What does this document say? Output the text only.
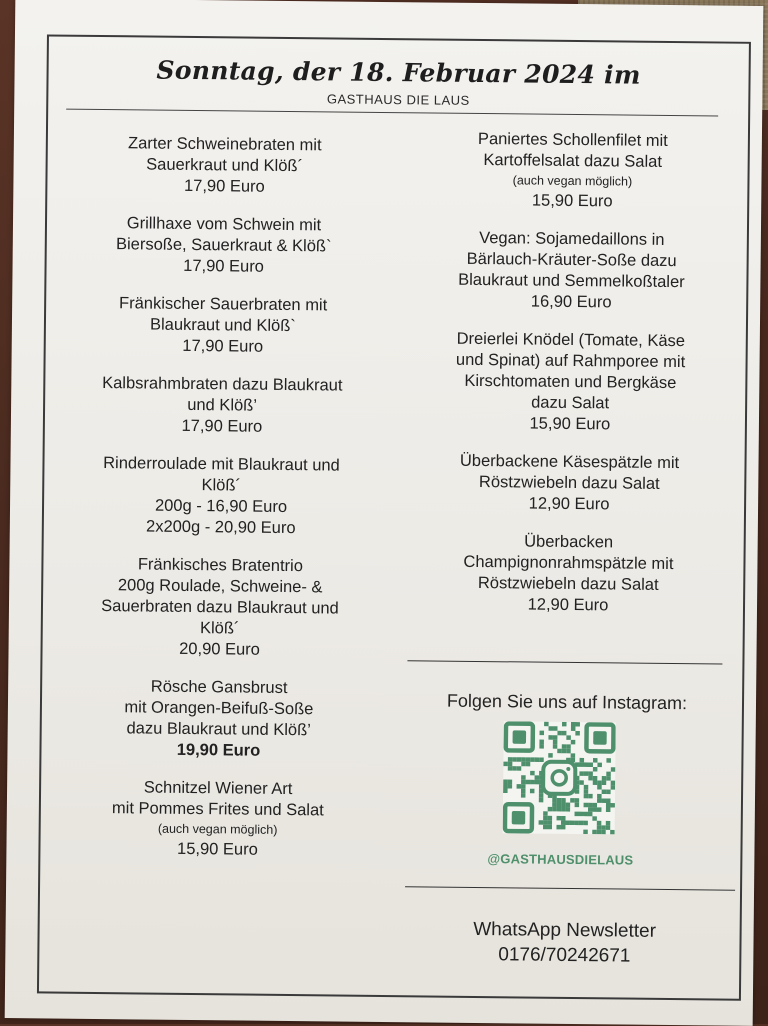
Sonntag, der 18. Februar 2024 im
GASTHAUS DIE LAUS
Zarter Schweinebraten mit
Sauerkraut und Klöß´
17,90 Euro
Grillhaxe vom Schwein mit
Biersoße, Sauerkraut & Klöß`
17,90 Euro
Fränkischer Sauerbraten mit
Blaukraut und Klöß`
17,90 Euro
Kalbsrahmbraten dazu Blaukraut
und Klöß’
17,90 Euro
Rinderroulade mit Blaukraut und
Klöß´
200g - 16,90 Euro
2x200g - 20,90 Euro
Fränkisches Bratentrio
200g Roulade, Schweine- &
Sauerbraten dazu Blaukraut und
Klöß´
20,90 Euro
Rösche Gansbrust
mit Orangen-Beifuß-Soße
dazu Blaukraut und Klöß’
19,90 Euro
Schnitzel Wiener Art
mit Pommes Frites und Salat
(auch vegan möglich)
15,90 Euro
Paniertes Schollenfilet mit
Kartoffelsalat dazu Salat
(auch vegan möglich)
15,90 Euro
Vegan: Sojamedaillons in
Bärlauch-Kräuter-Soße dazu
Blaukraut und Semmelkoßtaler
16,90 Euro
Dreierlei Knödel (Tomate, Käse
und Spinat) auf Rahmporee mit
Kirschtomaten und Bergkäse
dazu Salat
15,90 Euro
Überbackene Käsespätzle mit
Röstzwiebeln dazu Salat
12,90 Euro
Überbacken
Champignonrahmspätzle mit
Röstzwiebeln dazu Salat
12,90 Euro
Folgen Sie uns auf Instagram:
@GASTHAUSDIELAUS
WhatsApp Newsletter
0176/70242671
